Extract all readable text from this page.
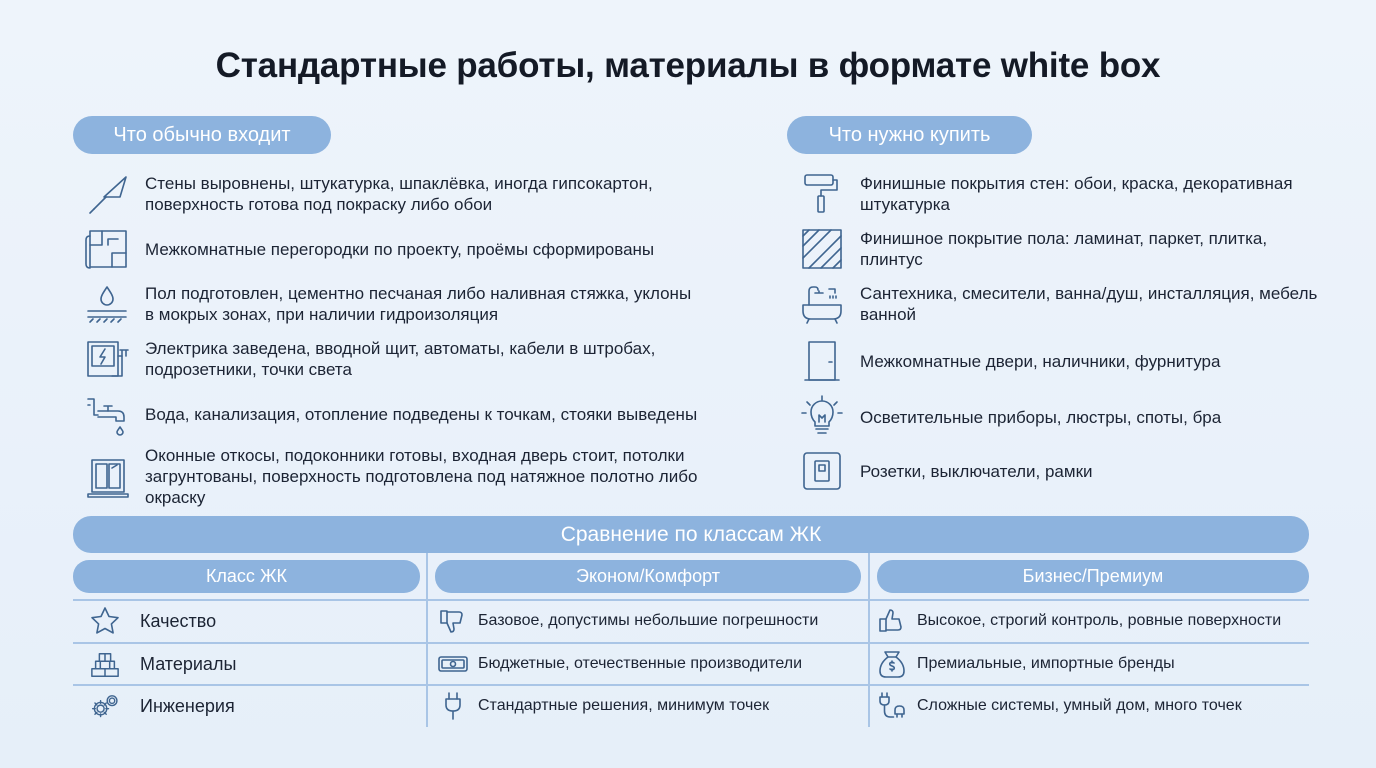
Стандартные работы, материалы в формате white box
Что обычно входит	Что нужно купить
Стены выровнены, штукатурка, шпаклёвка, иногда гипсокартон, поверхность готова под покраску либо обои
Межкомнатные перегородки по проекту, проёмы сформированы
Пол подготовлен, цементно песчаная либо наливная стяжка, уклоны в мокрых зонах, при наличии гидроизоляция
Электрика заведена, вводной щит, автоматы, кабели в штробах, подрозетники, точки света
Вода, канализация, отопление подведены к точкам, стояки выведены
Оконные откосы, подоконники готовы, входная дверь стоит, потолки загрунтованы, поверхность подготовлена под натяжное полотно либо окраску
Финишные покрытия стен: обои, краска, декоративная штукатурка
Финишное покрытие пола: ламинат, паркет, плитка, плинтус
Сантехника, смесители, ванна/душ, инсталляция, мебель ванной
Межкомнатные двери, наличники, фурнитура
Осветительные приборы, люстры, споты, бра
Розетки, выключатели, рамки
Сравнение по классам ЖК
Класс ЖК	Эконом/Комфорт	Бизнес/Премиум
Качество	Базовое, допустимы небольшие погрешности	Высокое, строгий контроль, ровные поверхности
Материалы	Бюджетные, отечественные производители	Премиальные, импортные бренды
Инженерия	Стандартные решения, минимум точек	Сложные системы, умный дом, много точек
